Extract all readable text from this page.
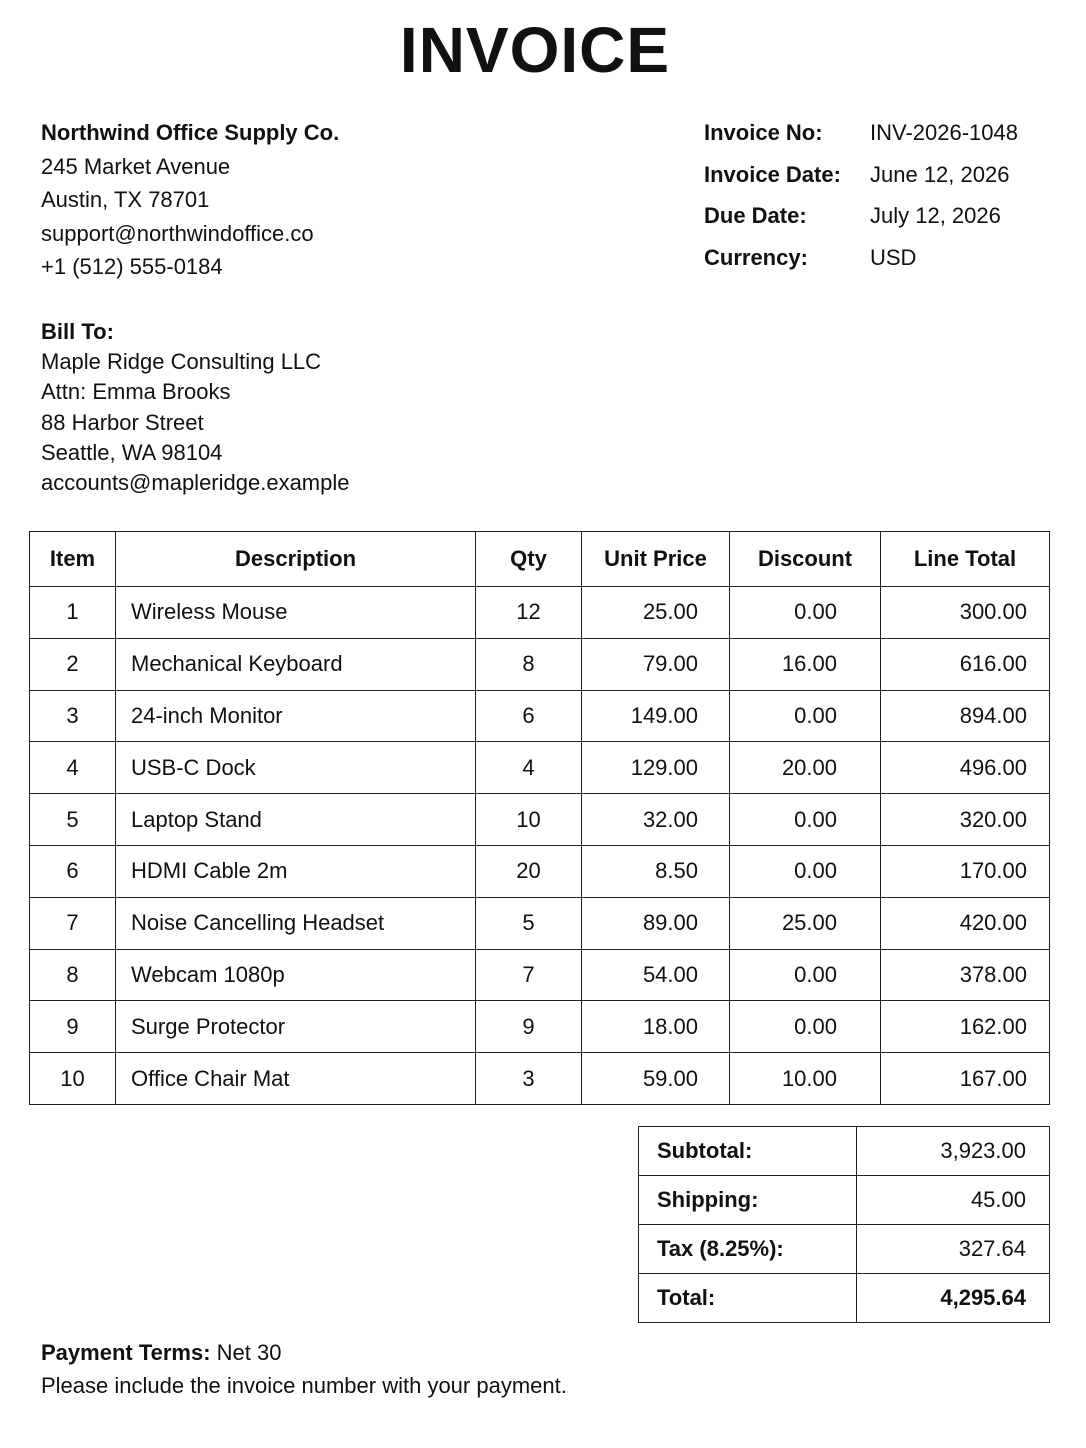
INVOICE
Northwind Office Supply Co.
245 Market Avenue
Austin, TX 78701
support@northwindoffice.co
+1 (512) 555-0184
Invoice No:	INV-2026-1048
Invoice Date:	June 12, 2026
Due Date:	July 12, 2026
Currency:	USD
Bill To:
Maple Ridge Consulting LLC
Attn: Emma Brooks
88 Harbor Street
Seattle, WA 98104
accounts@mapleridge.example
Item	Description	Qty	Unit Price	Discount	Line Total
1	Wireless Mouse	12	25.00	0.00	300.00
2	Mechanical Keyboard	8	79.00	16.00	616.00
3	24-inch Monitor	6	149.00	0.00	894.00
4	USB-C Dock	4	129.00	20.00	496.00
5	Laptop Stand	10	32.00	0.00	320.00
6	HDMI Cable 2m	20	8.50	0.00	170.00
7	Noise Cancelling Headset	5	89.00	25.00	420.00
8	Webcam 1080p	7	54.00	0.00	378.00
9	Surge Protector	9	18.00	0.00	162.00
10	Office Chair Mat	3	59.00	10.00	167.00
Subtotal:	3,923.00
Shipping:	45.00
Tax (8.25%):	327.64
Total:	4,295.64
Payment Terms: Net 30
Please include the invoice number with your payment.
